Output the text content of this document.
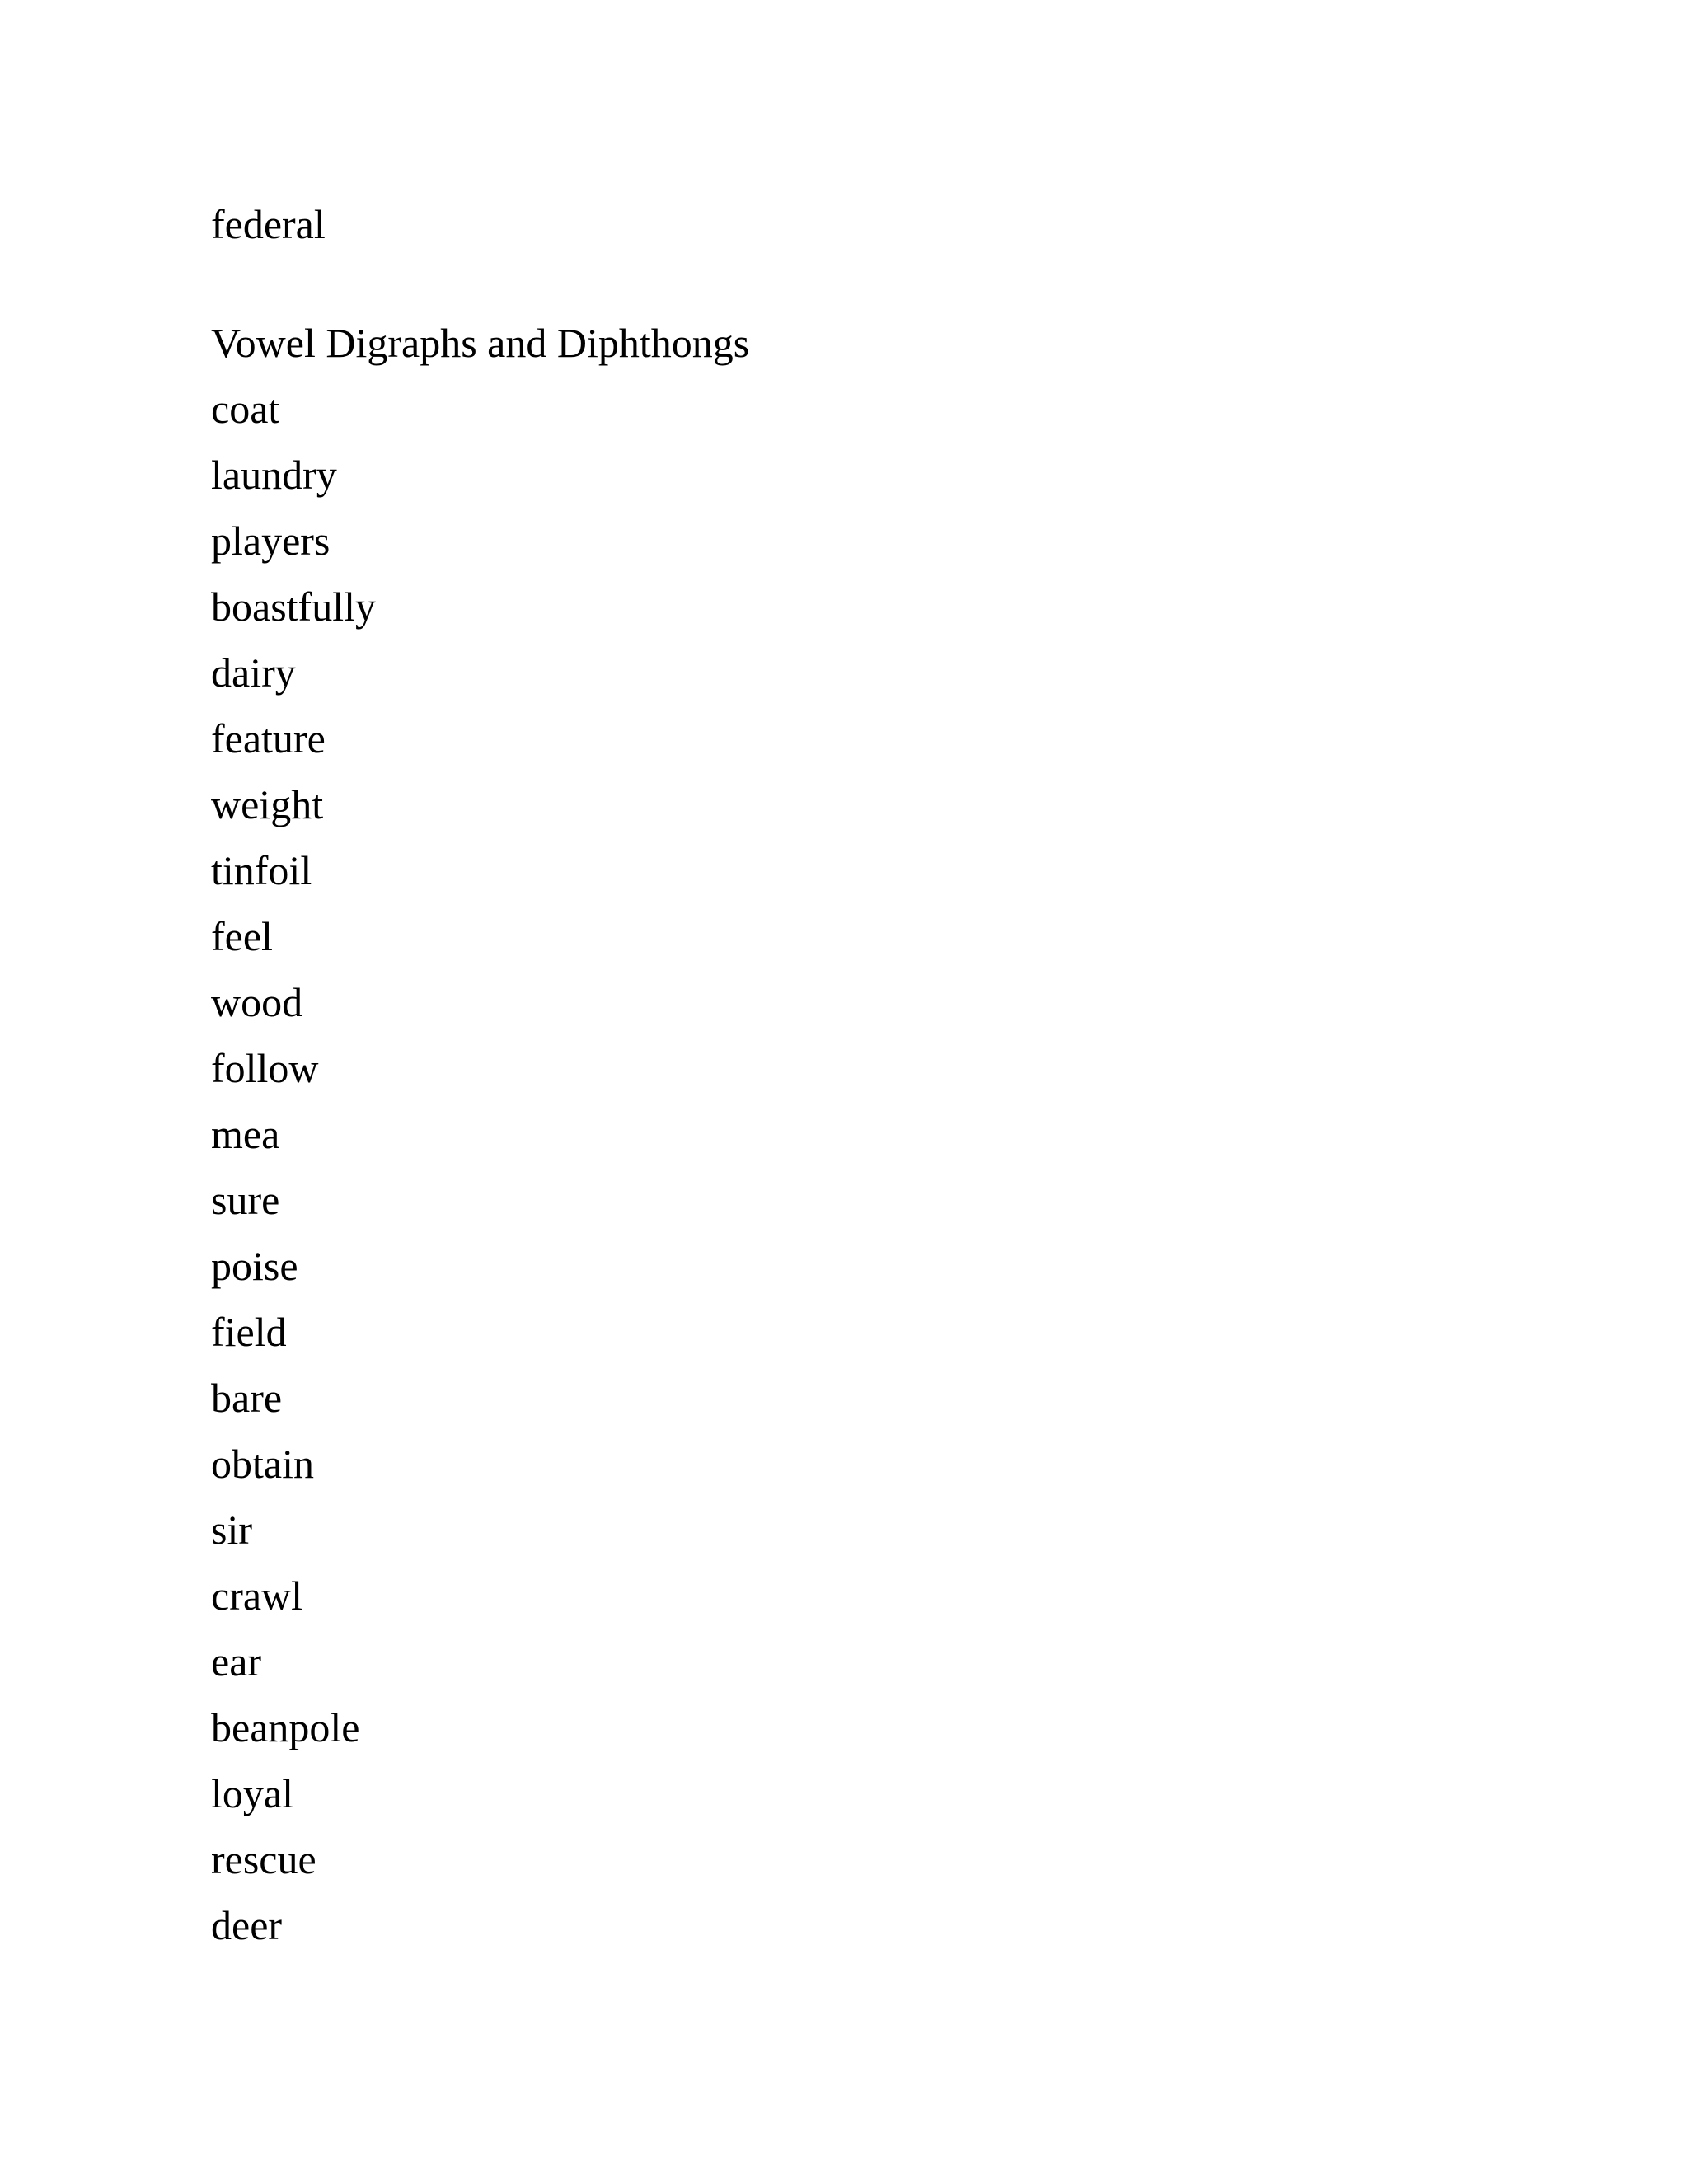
federal

Vowel Digraphs and Diphthongs

coat

laundry

players

boastfully

dairy

feature

weight

tinfoil

feel

wood

follow

mea

sure

poise

field

bare

obtain

sir

crawl

ear

beanpole

loyal

rescue

deer
